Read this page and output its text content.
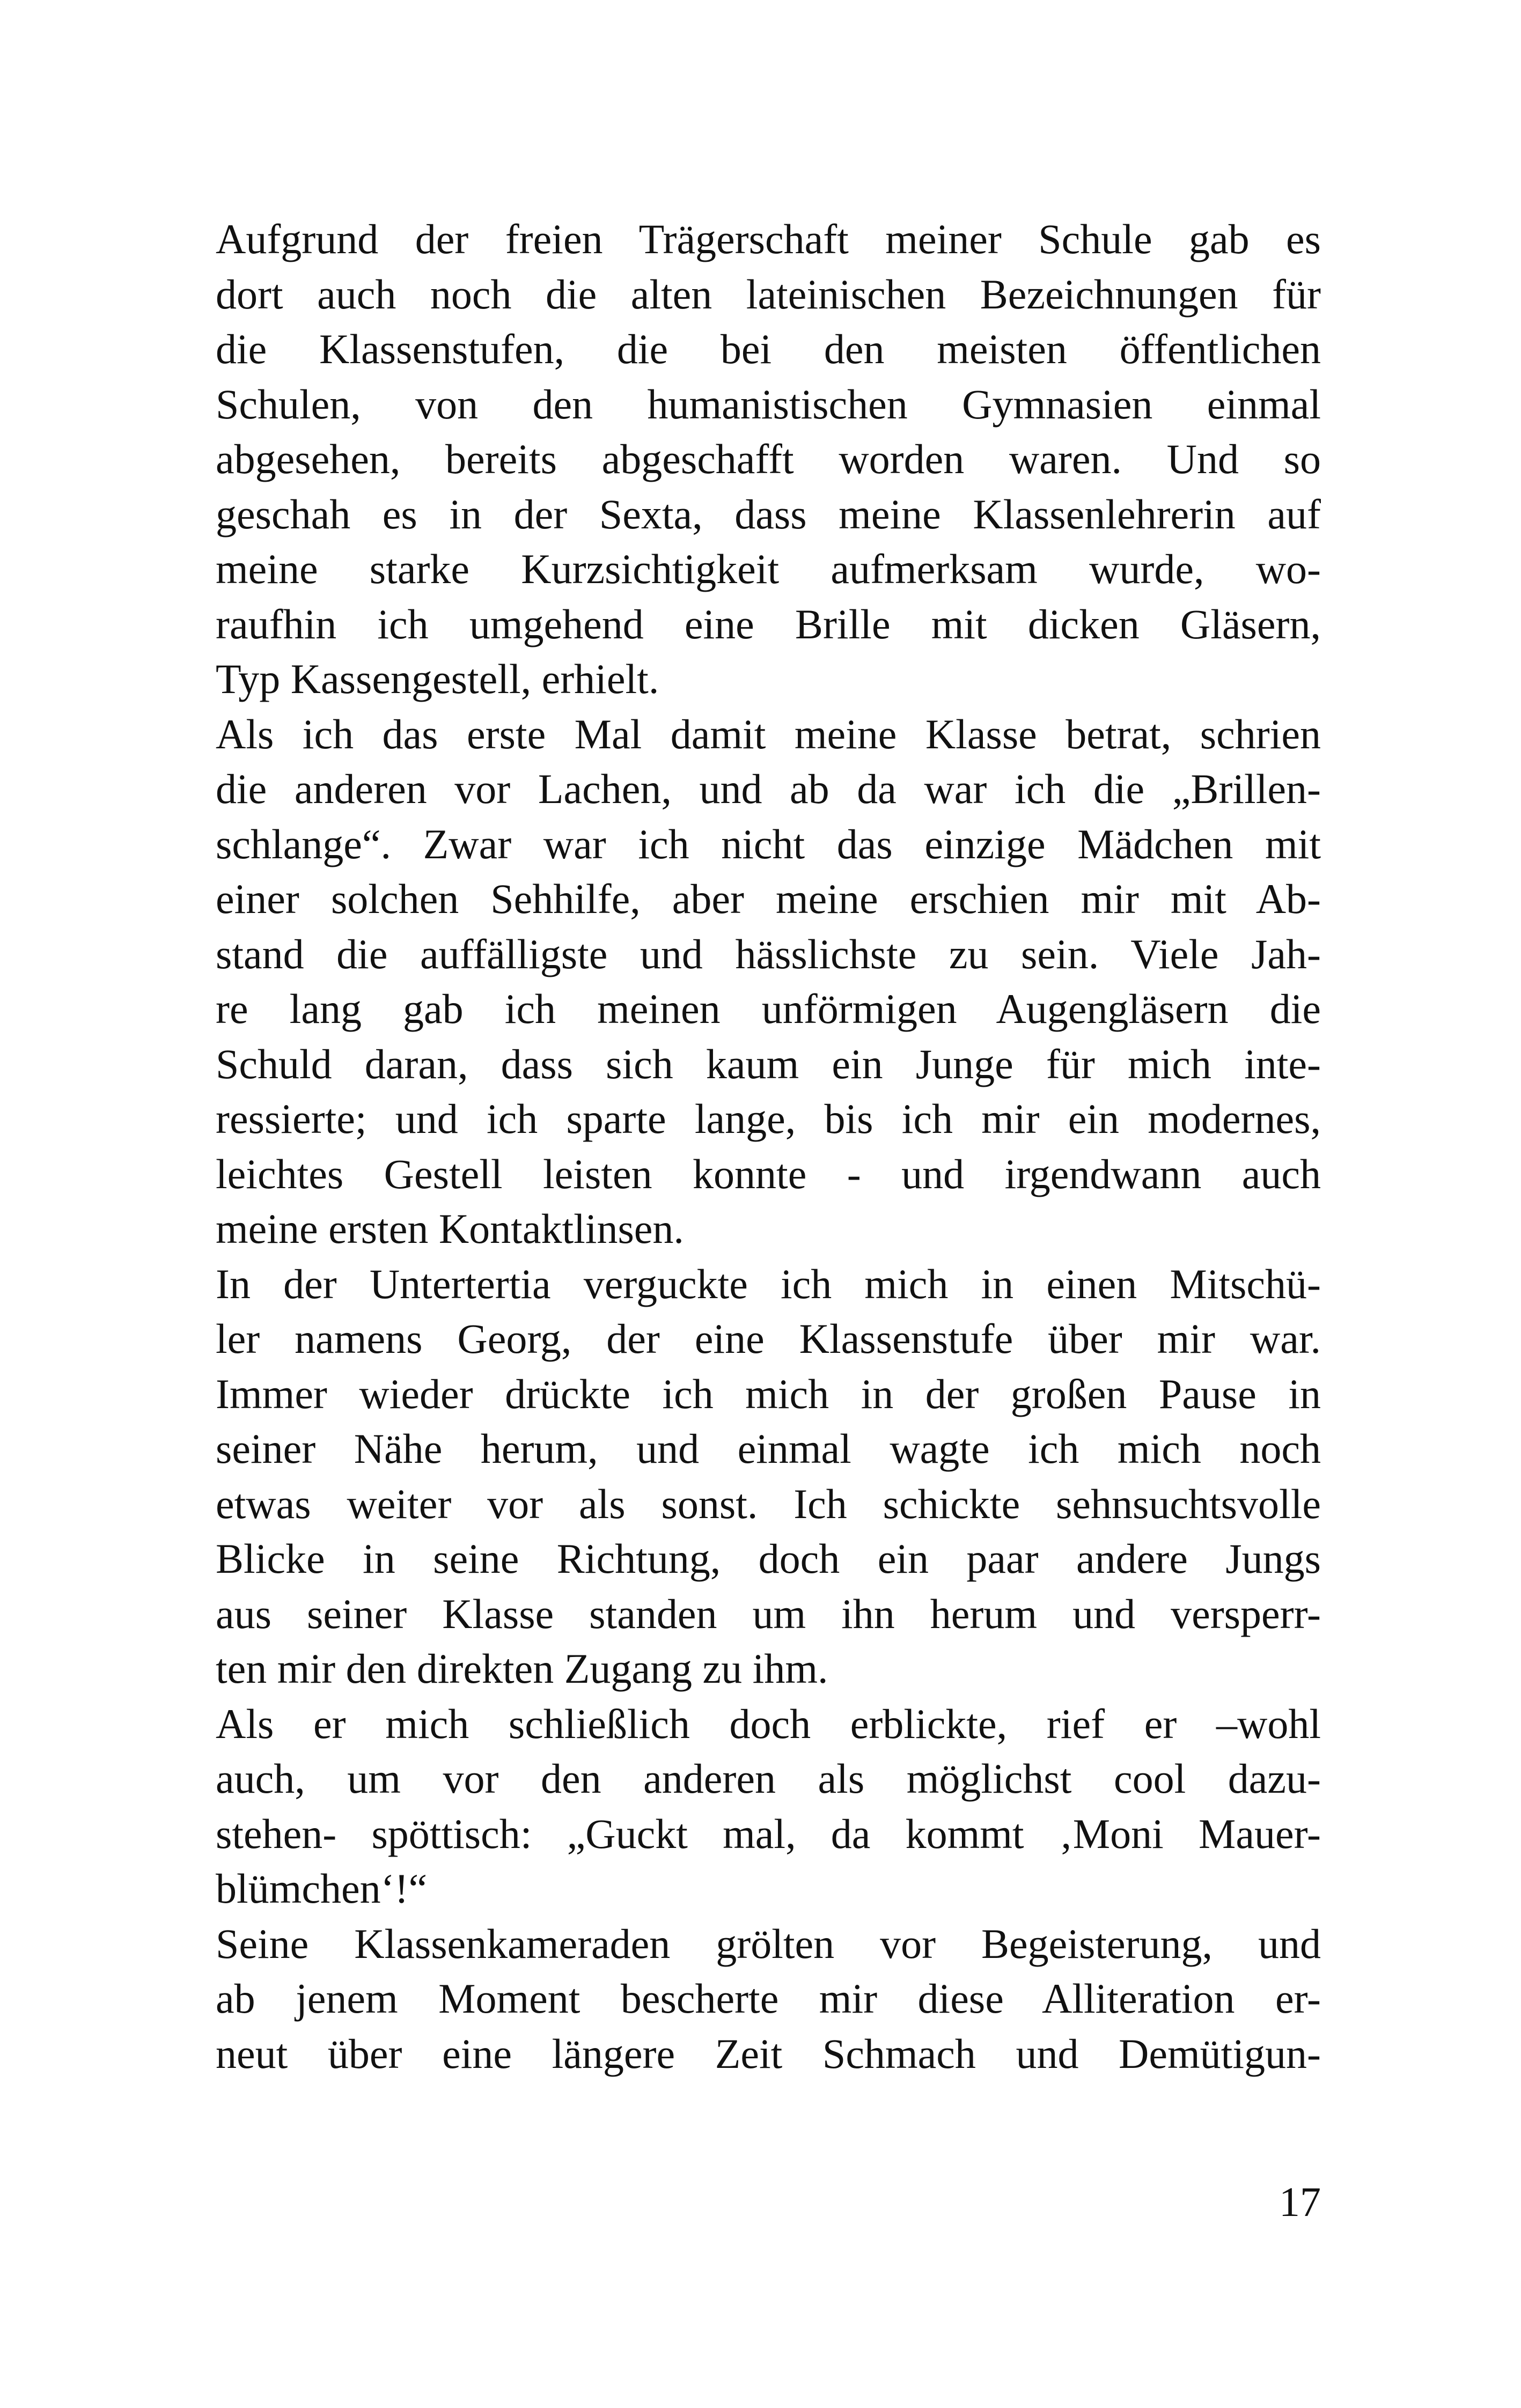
Aufgrund der freien Trägerschaft meiner Schule gab es
dort auch noch die alten lateinischen Bezeichnungen für
die Klassenstufen, die bei den meisten öffentlichen
Schulen, von den humanistischen Gymnasien einmal
abgesehen, bereits abgeschafft worden waren. Und so
geschah es in der Sexta, dass meine Klassenlehrerin auf
meine starke Kurzsichtigkeit aufmerksam wurde, wo-
raufhin ich umgehend eine Brille mit dicken Gläsern,
Typ Kassengestell, erhielt.
Als ich das erste Mal damit meine Klasse betrat, schrien
die anderen vor Lachen, und ab da war ich die „Brillen-
schlange“. Zwar war ich nicht das einzige Mädchen mit
einer solchen Sehhilfe, aber meine erschien mir mit Ab-
stand die auffälligste und hässlichste zu sein. Viele Jah-
re lang gab ich meinen unförmigen Augengläsern die
Schuld daran, dass sich kaum ein Junge für mich inte-
ressierte; und ich sparte lange, bis ich mir ein modernes,
leichtes Gestell leisten konnte - und irgendwann auch
meine ersten Kontaktlinsen.
In der Untertertia verguckte ich mich in einen Mitschü-
ler namens Georg, der eine Klassenstufe über mir war.
Immer wieder drückte ich mich in der großen Pause in
seiner Nähe herum, und einmal wagte ich mich noch
etwas weiter vor als sonst. Ich schickte sehnsuchtsvolle
Blicke in seine Richtung, doch ein paar andere Jungs
aus seiner Klasse standen um ihn herum und versperr-
ten mir den direkten Zugang zu ihm.
Als er mich schließlich doch erblickte, rief er –wohl
auch, um vor den anderen als möglichst cool dazu-
stehen- spöttisch: „Guckt mal, da kommt ‚Moni Mauer-
blümchen‘!“
Seine Klassenkameraden grölten vor Begeisterung, und
ab jenem Moment bescherte mir diese Alliteration er-
neut über eine längere Zeit Schmach und Demütigun-
17
